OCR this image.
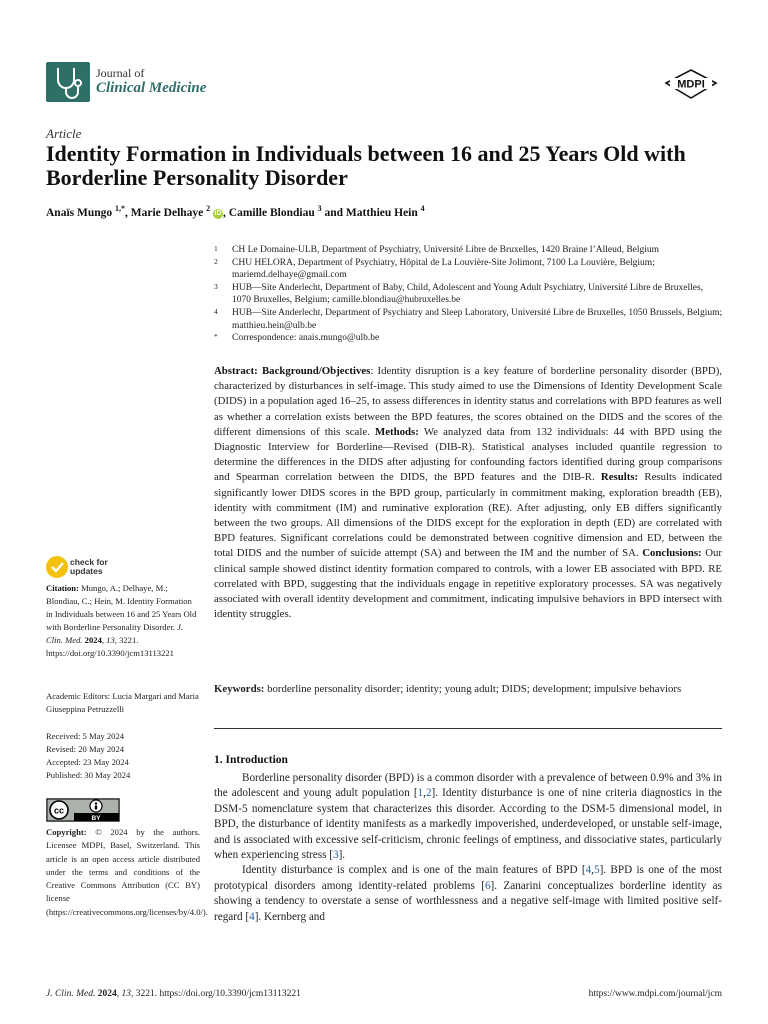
Journal of
Clinical Medicine	MDPI
Article
Identity Formation in Individuals between 16 and 25 Years Old with Borderline Personality Disorder
Anaïs Mungo $^{1,*}$, Marie Delhaye $^2$ iD , Camille Blondiau $^3$ and Matthieu Hein $^4$
1 CH Le Domaine-ULB, Department of Psychiatry, Université Libre de Bruxelles, 1420 Braine l’Alleud, Belgium
2 CHU HELORA, Department of Psychiatry, Hôpital de La Louvière-Site Jolimont, 7100 La Louvière, Belgium; mariemd.delhaye@gmail.com
3 HUB—Site Anderlecht, Department of Baby, Child, Adolescent and Young Adult Psychiatry, Université Libre de Bruxelles, 1070 Bruxelles, Belgium; camille.blondiau@hubruxelles.be
4 HUB—Site Anderlecht, Department of Psychiatry and Sleep Laboratory, Université Libre de Bruxelles, 1050 Brussels, Belgium; matthieu.hein@ulb.be
* Correspondence: anais.mungo@ulb.be
Abstract: Background/Objectives: Identity disruption is a key feature of borderline personality disorder (BPD), characterized by disturbances in self-image. This study aimed to use the Dimensions of Identity Development Scale (DIDS) in a population aged 16–25, to assess differences in identity status and correlations with BPD features as well as whether a correlation exists between the BPD features, the scores obtained on the DIDS and the scores of the different dimensions of this scale. Methods: We analyzed data from 132 individuals: 44 with BPD using the Diagnostic Interview for Borderline—Revised (DIB-R). Statistical analyses included quantile regression to determine the differences in the DIDS after adjusting for confounding factors identified during group comparisons and Spearman correlation between the DIDS, the BPD features and the DIB-R. Results: Results indicated significantly lower DIDS scores in the BPD group, particularly in commitment making, exploration breadth (EB), identity with commitment (IM) and ruminative exploration (RE). After adjusting, only EB differs significantly between the two groups. All dimensions of the DIDS except for the exploration in depth (ED) are correlated with BPD features. Significant correlations could be demonstrated between cognitive dimension and ED, between the total DIDS and the number of suicide attempt (SA) and between the IM and the number of SA. Conclusions: Our clinical sample showed distinct identity formation compared to controls, with a lower EB associated with BPD. RE correlated with BPD, suggesting that the individuals engage in repetitive exploratory processes. SA was negatively associated with overall identity development and commitment, indicating impulsive behaviors in BPD intersect with identity struggles.
Keywords: borderline personality disorder; identity; young adult; DIDS; development; impulsive behaviors
1. Introduction

Borderline personality disorder (BPD) is a common disorder with a prevalence of between 0.9% and 3% in the adolescent and young adult population [1,2]. Identity disturbance is one of nine criteria diagnostics in the DSM-5 nomenclature system that characterizes this disorder. According to the DSM-5 dimensional model, in BPD, the disturbance of identity manifests as a markedly impoverished, underdeveloped, or unstable self-image, and is associated with excessive self-criticism, chronic feelings of emptiness, and dissociative states, particularly when experiencing stress [3].

Identity disturbance is complex and is one of the main features of BPD [4,5]. BPD is one of the most prototypical disorders among identity-related problems [6]. Zanarini conceptualizes borderline identity as showing a tendency to overstate a sense of worthlessness and a negative self-image with limited positive self-regard [4]. Kernberg and

check for
updates
Citation: Mungo, A.; Delhaye, M.; Blondiau, C.; Hein, M. Identity Formation in Individuals between 16 and 25 Years Old with Borderline Personality Disorder. J. Clin. Med. 2024, 13, 3221. https://doi.org/10.3390/jcm13113221
Academic Editors: Lucia Margari and Maria Giuseppina Petruzzelli
Received: 5 May 2024
Revised: 20 May 2024
Accepted: 23 May 2024
Published: 30 May 2024
cc
BY
Copyright: © 2024 by the authors. Licensee MDPI, Basel, Switzerland. This article is an open access article distributed under the terms and conditions of the Creative Commons Attribution (CC BY) license (https://creativecommons.org/licenses/by/4.0/).
J. Clin. Med. 2024, 13, 3221. https://doi.org/10.3390/jcm13113221	https://www.mdpi.com/journal/jcm
